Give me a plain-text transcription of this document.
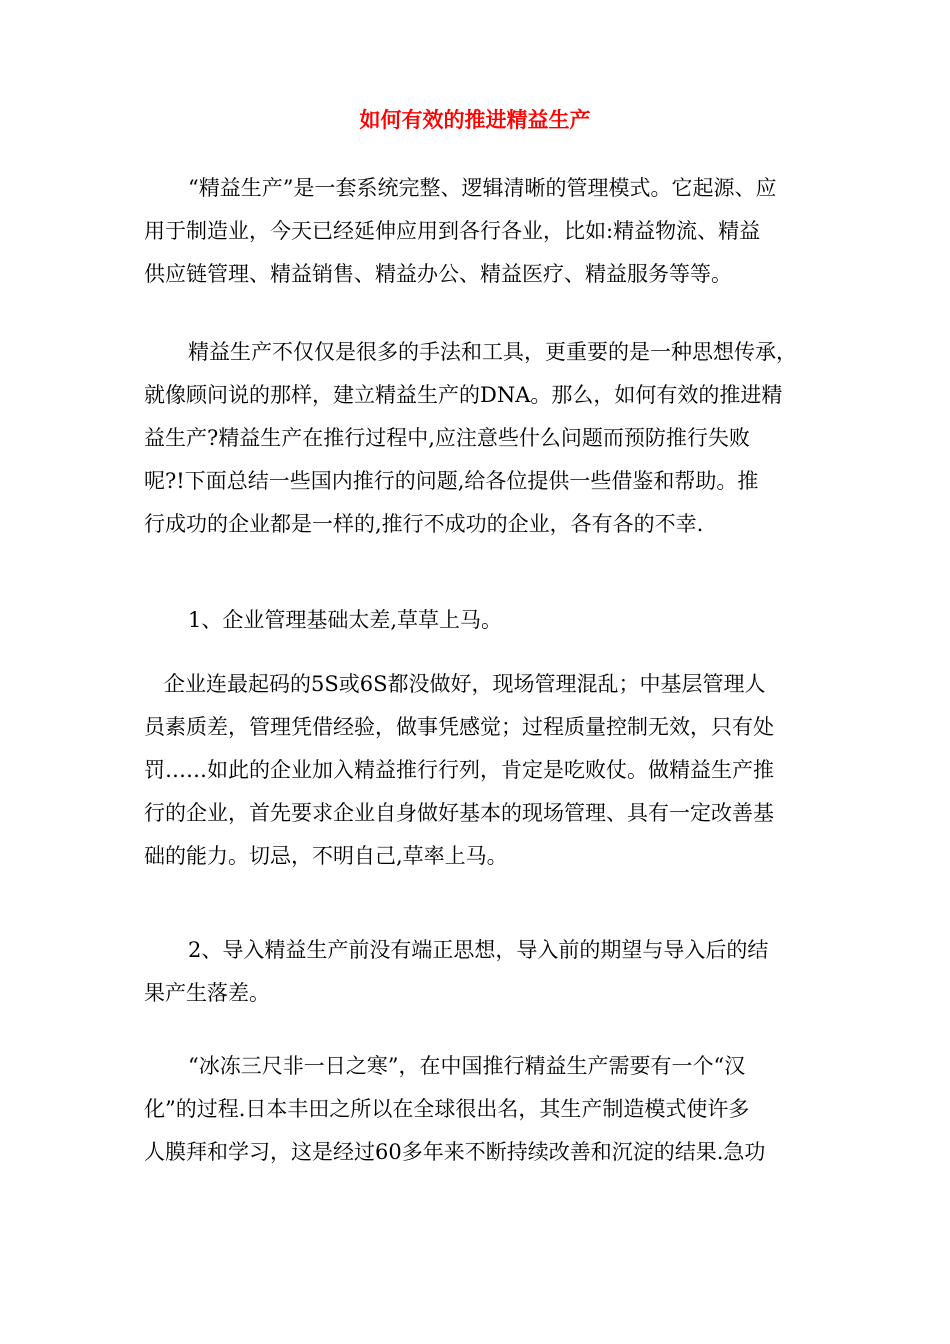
如何有效的推进精益生产
“精益生产”是一套系统完整、逻辑清晰的管理模式。它起源、应
用于制造业，今天已经延伸应用到各行各业，比如:精益物流、精益
供应链管理、精益销售、精益办公、精益医疗、精益服务等等。
精益生产不仅仅是很多的手法和工具，更重要的是一种思想传承，
就像顾问说的那样，建立精益生产的DNA。那么，如何有效的推进精
益生产?精益生产在推行过程中,应注意些什么问题而预防推行失败
呢?!下面总结一些国内推行的问题,给各位提供一些借鉴和帮助。推
行成功的企业都是一样的,推行不成功的企业，各有各的不幸.
1、企业管理基础太差,草草上马。
企业连最起码的5S或6S都没做好，现场管理混乱；中基层管理人
员素质差，管理凭借经验，做事凭感觉；过程质量控制无效，只有处
罚……如此的企业加入精益推行行列，肯定是吃败仗。做精益生产推
行的企业，首先要求企业自身做好基本的现场管理、具有一定改善基
础的能力。切忌，不明自己,草率上马。
2、导入精益生产前没有端正思想，导入前的期望与导入后的结
果产生落差。
“冰冻三尺非一日之寒”，在中国推行精益生产需要有一个“汉
化”的过程.日本丰田之所以在全球很出名，其生产制造模式使许多
人膜拜和学习，这是经过60多年来不断持续改善和沉淀的结果.急功
